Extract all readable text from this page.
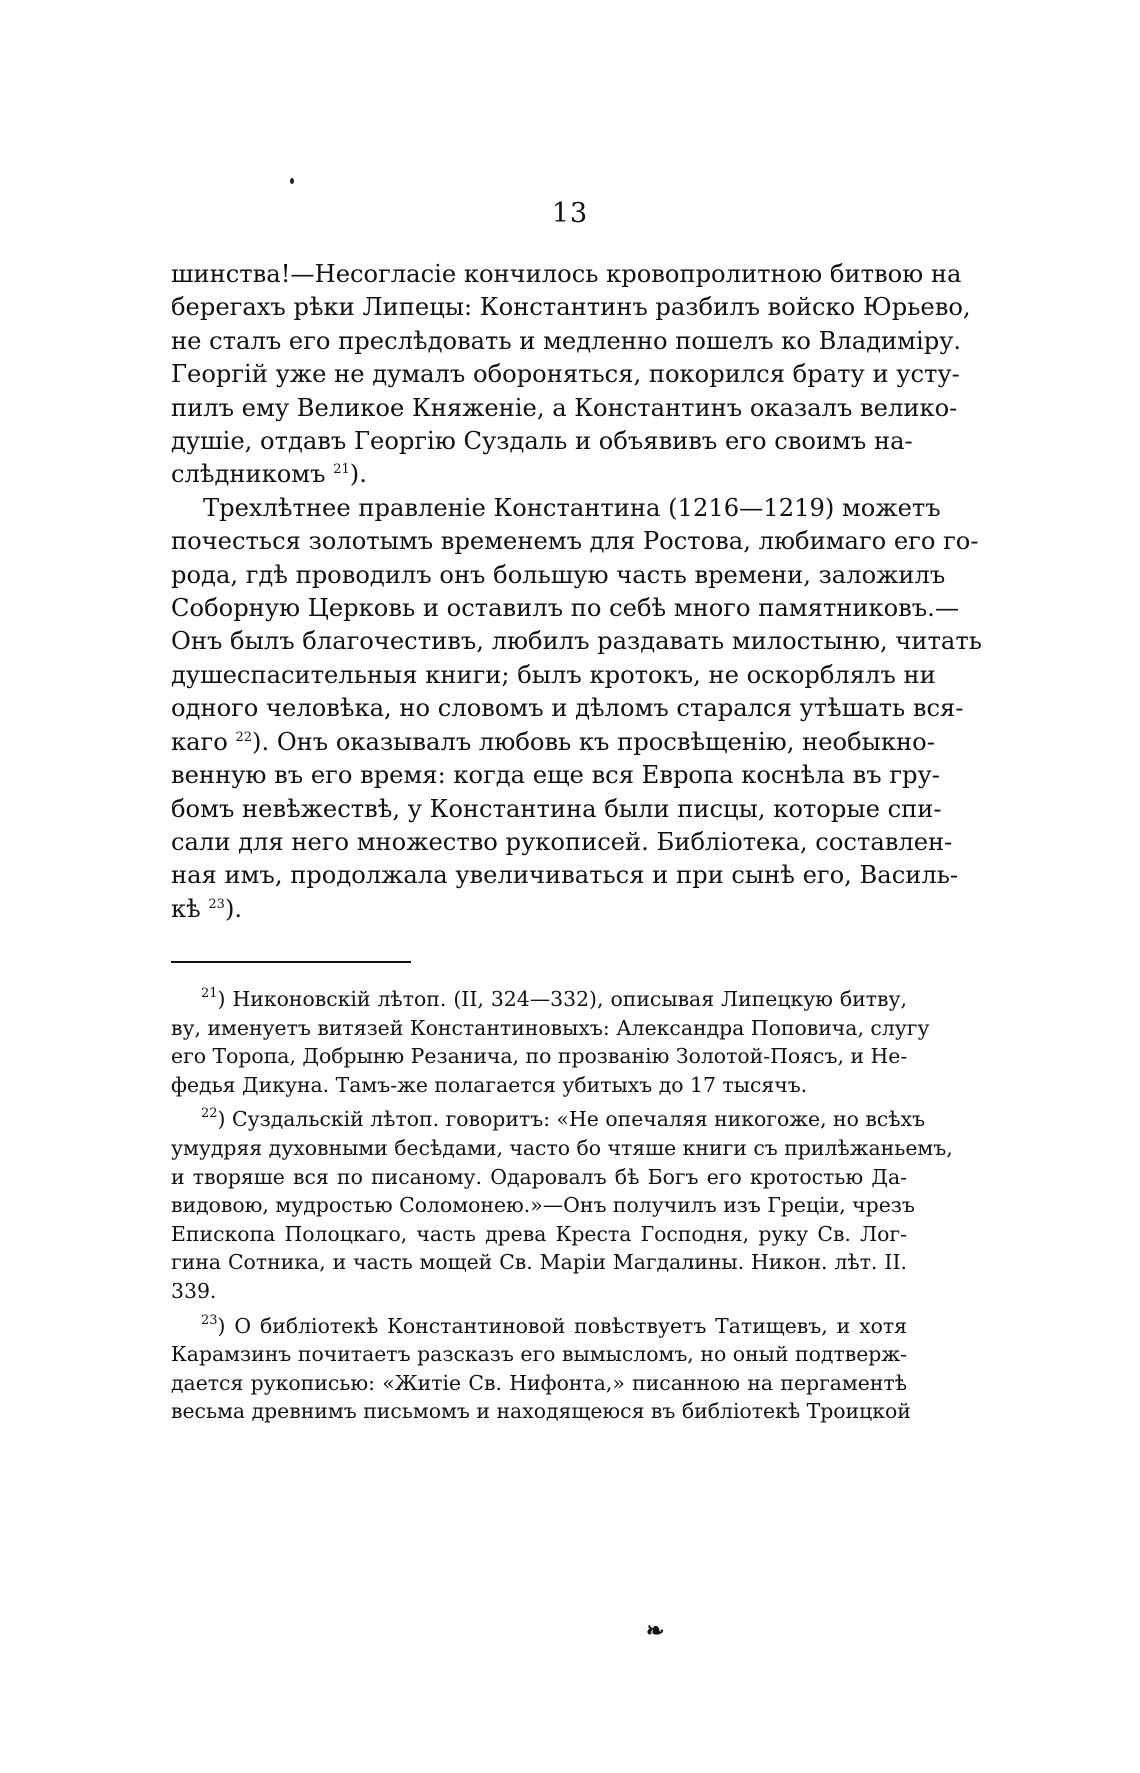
13

шинства!—Несогласіе кончилось кровопролитною битвою на
берегахъ рѣки Липецы: Константинъ разбилъ войско Юрьево,
не сталъ его преслѣдовать и медленно пошелъ ко Владиміру.
Георгій уже не думалъ обороняться, покорился брату и усту-
пилъ ему Великое Княженіе, а Константинъ оказалъ велико-
душіе, отдавъ Георгію Суздаль и объявивъ его своимъ на-
слѣдникомъ $^{21}$).

Трехлѣтнее правленіе Константина (1216—1219) можетъ
почесться золотымъ временемъ для Ростова, любимаго его го-
рода, гдѣ проводилъ онъ большую часть времени, заложилъ
Соборную Церковь и оставилъ по себѣ много памятниковъ.—
Онъ былъ благочестивъ, любилъ раздавать милостыню, читать
душеспасительныя книги; былъ кротокъ, не оскорблялъ ни
одного человѣка, но словомъ и дѣломъ старался утѣшать вся-
каго $^{22}$). Онъ оказывалъ любовь къ просвѣщенію, необыкно-
венную въ его время: когда еще вся Европа коснѣла въ гру-
бомъ невѣжествѣ, у Константина были писцы, которые спи-
сали для него множество рукописей. Библіотека, составлен-
ная имъ, продолжала увеличиваться и при сынѣ его, Василь-
кѣ $^{23}$).

$^{21}$) Никоновскій лѣтоп. (II, 324—332), описывая Липецкую битву,
ву, именуетъ витязей Константиновыхъ: Александра Поповича, слугу
его Торопа, Добрыню Резанича, по прозванію Золотой-Поясъ, и Не-
федья Дикуна. Тамъ-же полагается убитыхъ до 17 тысячъ.
$^{22}$) Суздальскій лѣтоп. говоритъ: «Не опечаляя никогоже, но всѣхъ
умудряя духовными бесѣдами, часто бо чтяше книги съ прилѣжаньемъ,
и творяше вся по писаному. Одаровалъ бѣ Богъ его кротостью Да-
видовою, мудростью Соломонею.»—Онъ получилъ изъ Греціи, чрезъ
Епископа Полоцкаго, часть древа Креста Господня, руку Св. Лог-
гина Сотника, и часть мощей Св. Маріи Магдалины. Никон. лѣт. II.
339.
$^{23}$) О библіотекѣ Константиновой повѣствуетъ Татищевъ, и хотя
Карамзинъ почитаетъ разсказъ его вымысломъ, но оный подтверж-
дается рукописью: «Житіе Св. Нифонта,» писанною на пергаментѣ
весьма древнимъ письмомъ и находящеюся въ библіотекѣ Троицкой
❧
